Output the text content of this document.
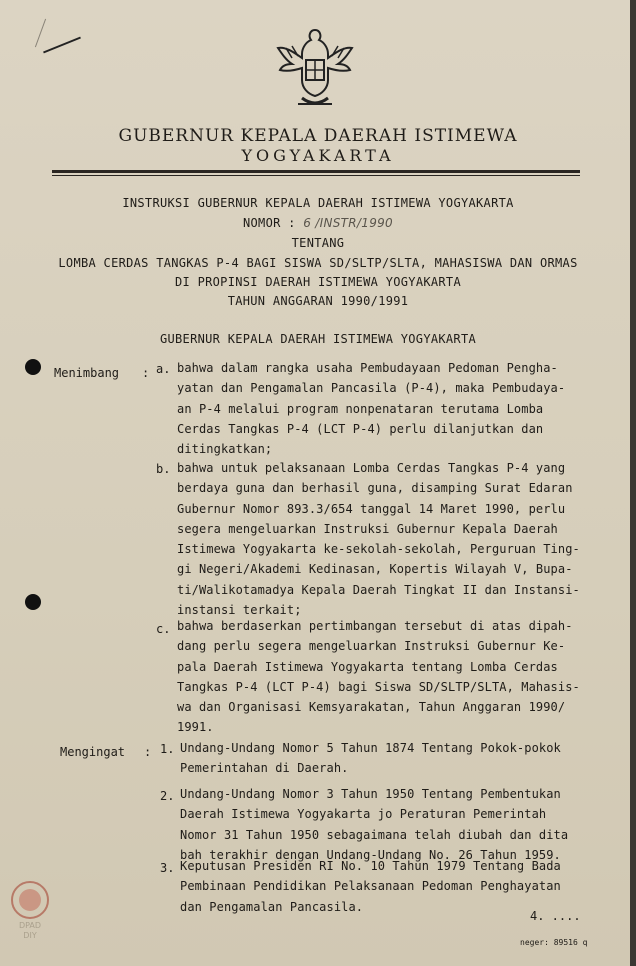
GUBERNUR KEPALA DAERAH ISTIMEWA
YOGYAKARTA
INSTRUKSI GUBERNUR KEPALA DAERAH ISTIMEWA YOGYAKARTA
NOMOR : 6 /INSTR/1990
TENTANG
LOMBA CERDAS TANGKAS P-4 BAGI SISWA SD/SLTP/SLTA, MAHASISWA DAN ORMAS
DI PROPINSI DAERAH ISTIMEWA YOGYAKARTA
TAHUN ANGGARAN 1990/1991
GUBERNUR KEPALA DAERAH ISTIMEWA YOGYAKARTA
Menimbang : a. bahwa dalam rangka usaha Pembudayaan Pedoman Pengha-
yatan dan Pengamalan Pancasila (P-4), maka Pembudaya-
an P-4 melalui program nonpenataran terutama Lomba
Cerdas Tangkas P-4 (LCT P-4) perlu dilanjutkan dan
ditingkatkan;
b. bahwa untuk pelaksanaan Lomba Cerdas Tangkas P-4 yang
berdaya guna dan berhasil guna, disamping Surat Edaran
Gubernur Nomor 893.3/654 tanggal 14 Maret 1990, perlu
segera mengeluarkan Instruksi Gubernur Kepala Daerah
Istimewa Yogyakarta ke-sekolah-sekolah, Perguruan Ting-
gi Negeri/Akademi Kedinasan, Kopertis Wilayah V, Bupa-
ti/Walikotamadya Kepala Daerah Tingkat II dan Instansi-
instansi terkait;
c. bahwa berdaserkan pertimbangan tersebut di atas dipah-
dang perlu segera mengeluarkan Instruksi Gubernur Ke-
pala Daerah Istimewa Yogyakarta tentang Lomba Cerdas
Tangkas P-4 (LCT P-4) bagi Siswa SD/SLTP/SLTA, Mahasis-
wa dan Organisasi Kemsyarakatan, Tahun Anggaran 1990/
1991.
Mengingat : 1. Undang-Undang Nomor 5 Tahun 1874 Tentang Pokok-pokok
Pemerintahan di Daerah.
2. Undang-Undang Nomor 3 Tahun 1950 Tentang Pembentukan
Daerah Istimewa Yogyakarta jo Peraturan Pemerintah
Nomor 31 Tahun 1950 sebagaimana telah diubah dan dita
bah terakhir dengan Undang-Undang No. 26 Tahun 1959.
3. Keputusan Presiden RI No. 10 Tahun 1979 Tentang Bada
Pembinaan Pendidikan Pelaksanaan Pedoman Penghayatan
dan Pengamalan Pancasila.
4. ....
neger: 89516 q
DPAD
DIY
